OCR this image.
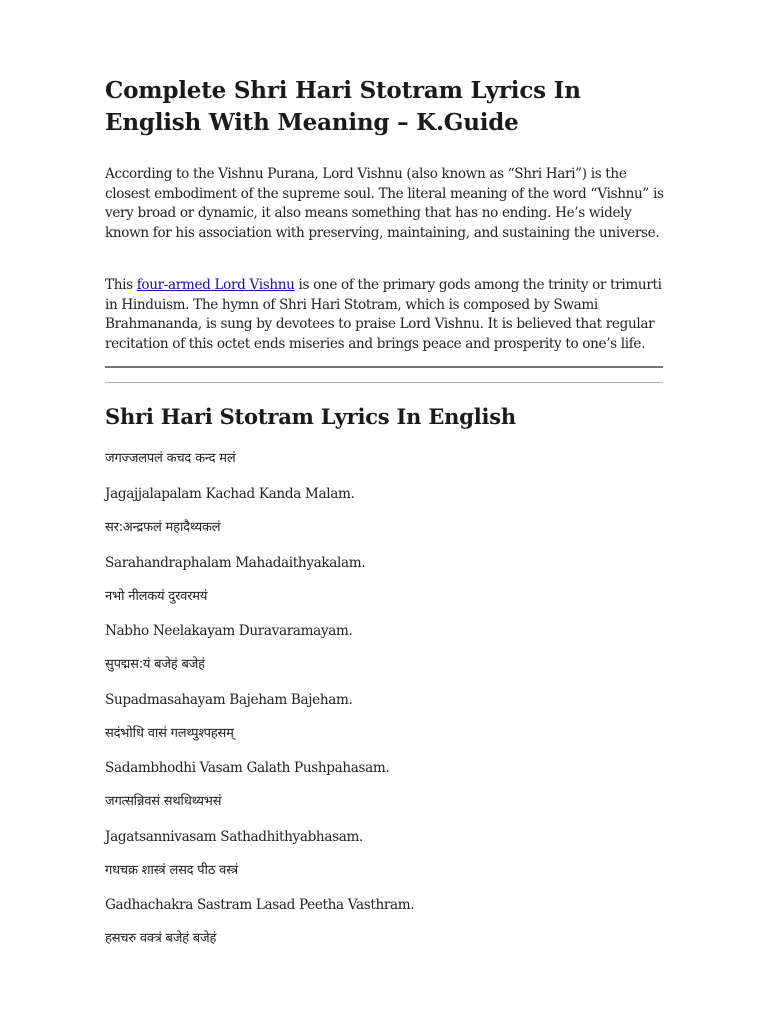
Complete Shri Hari Stotram Lyrics In English With Meaning – K.Guide

According to the Vishnu Purana, Lord Vishnu (also known as “Shri Hari”) is the closest embodiment of the supreme soul. The literal meaning of the word “Vishnu” is very broad or dynamic, it also means something that has no ending. He’s widely known for his association with preserving, maintaining, and sustaining the universe.

This four-armed Lord Vishnu is one of the primary gods among the trinity or trimurti in Hinduism. The hymn of Shri Hari Stotram, which is composed by Swami Brahmananda, is sung by devotees to praise Lord Vishnu. It is believed that regular recitation of this octet ends miseries and brings peace and prosperity to one’s life.

Shri Hari Stotram Lyrics In English

जगज्जलपलं कचद कन्द मलं

Jagajjalapalam Kachad Kanda Malam.

सर:अन्द्रफलं महादैथ्यकलं

Sarahandraphalam Mahadaithyakalam.

नभो नीलकयं दुरवरमयं

Nabho Neelakayam Duravaramayam.

सुपद्मस:यं बजेहं बजेहं

Supadmasahayam Bajeham Bajeham.

सदंभोधि वासं गलथ्पुश्पहसम्

Sadambhodhi Vasam Galath Pushpahasam.

जगत्सन्निवसं सथधिथ्यभसं

Jagatsannivasam Sathadhithyabhasam.

गधचक्र शास्त्रं लसद पीठ वस्त्रं

Gadhachakra Sastram Lasad Peetha Vasthram.

हसचरु वक्त्रं बजेहं बजेहं
